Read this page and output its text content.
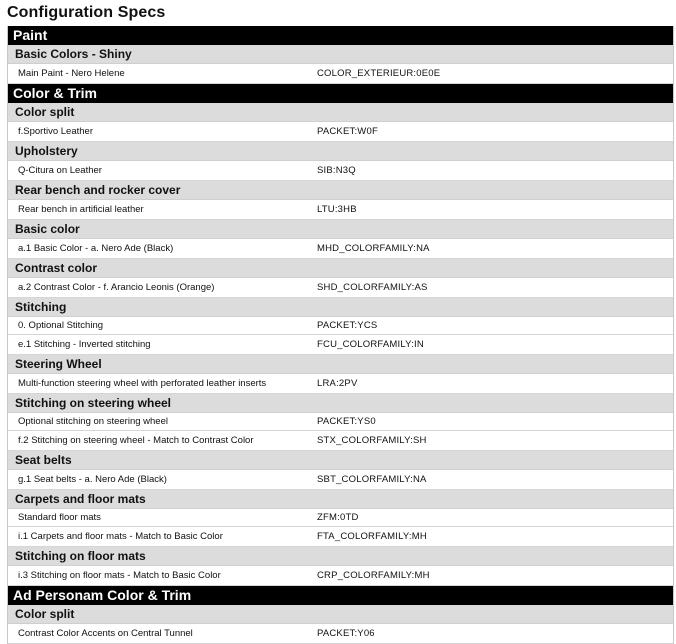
Configuration Specs
Paint
Basic Colors - Shiny
Main Paint - Nero Helene	COLOR_EXTERIEUR:0E0E
Color & Trim
Color split
f.Sportivo Leather	PACKET:W0F
Upholstery
Q-Citura on Leather	SIB:N3Q
Rear bench and rocker cover
Rear bench in artificial leather	LTU:3HB
Basic color
a.1 Basic Color - a. Nero Ade (Black)	MHD_COLORFAMILY:NA
Contrast color
a.2 Contrast Color - f. Arancio Leonis (Orange)	SHD_COLORFAMILY:AS
Stitching
0. Optional Stitching	PACKET:YCS
e.1 Stitching - Inverted stitching	FCU_COLORFAMILY:IN
Steering Wheel
Multi-function steering wheel with perforated leather inserts	LRA:2PV
Stitching on steering wheel
Optional stitching on steering wheel	PACKET:YS0
f.2 Stitching on steering wheel - Match to Contrast Color	STX_COLORFAMILY:SH
Seat belts
g.1 Seat belts - a. Nero Ade (Black)	SBT_COLORFAMILY:NA
Carpets and floor mats
Standard floor mats	ZFM:0TD
i.1 Carpets and floor mats - Match to Basic Color	FTA_COLORFAMILY:MH
Stitching on floor mats
i.3 Stitching on floor mats - Match to Basic Color	CRP_COLORFAMILY:MH
Ad Personam Color & Trim
Color split
Contrast Color Accents on Central Tunnel	PACKET:Y06
